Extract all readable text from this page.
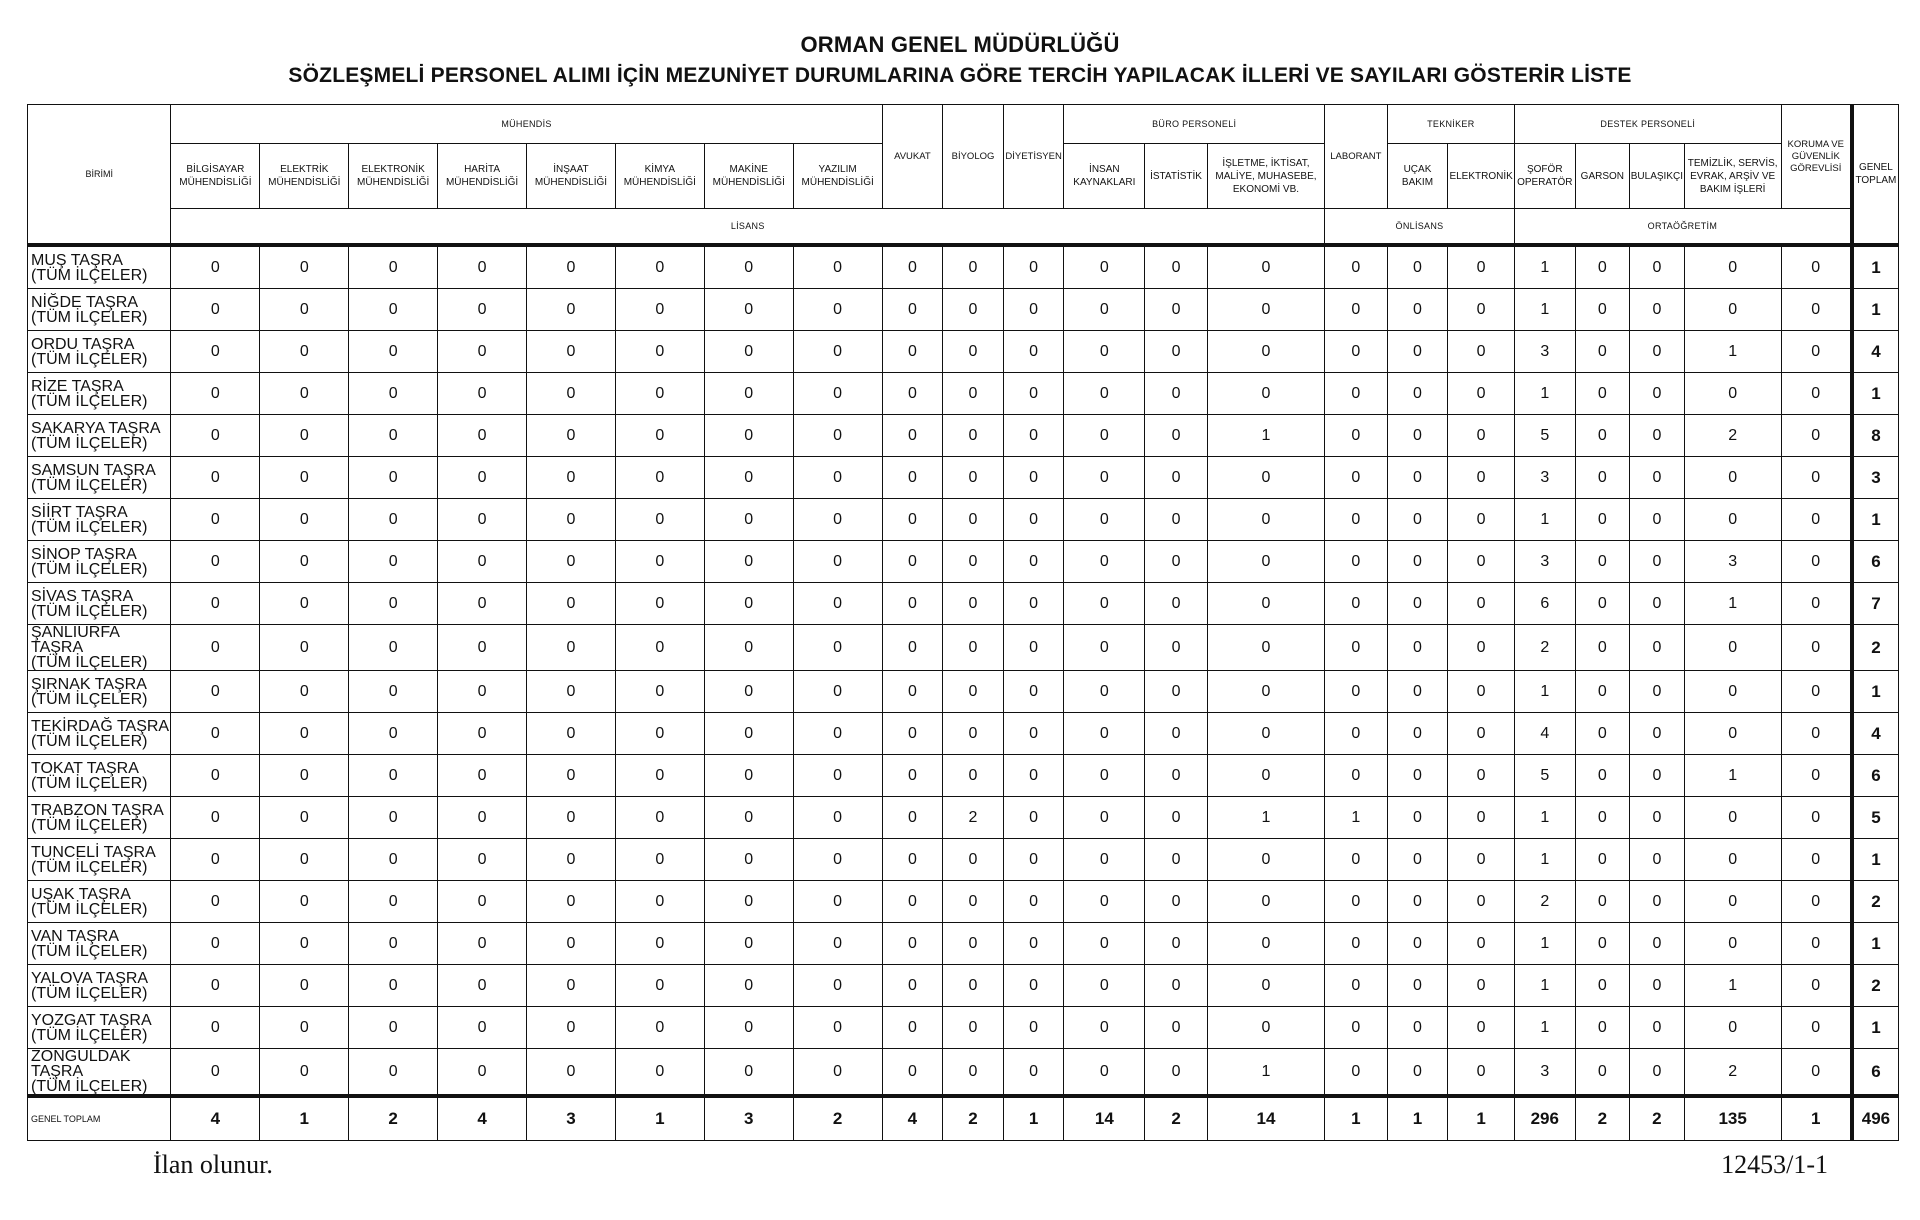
ORMAN GENEL MÜDÜRLÜĞÜ
SÖZLEŞMELİ PERSONEL ALIMI İÇİN MEZUNİYET DURUMLARINA GÖRE TERCİH YAPILACAK İLLERİ VE SAYILARI GÖSTERİR LİSTE
BİRİMİ	MÜHENDİS								AVUKAT	BİYOLOG	DİYETİSYEN	BÜRO PERSONELİ			LABORANT	TEKNİKER		DESTEK PERSONELİ				KORUMA VE GÜVENLİK GÖREVLİSİ	GENEL TOPLAM
	BİLGİSAYAR MÜHENDİSLİĞİ	ELEKTRİK MÜHENDİSLİĞİ	ELEKTRONİK MÜHENDİSLİĞİ	HARİTA MÜHENDİSLİĞİ	İNŞAAT MÜHENDİSLİĞİ	KİMYA MÜHENDİSLİĞİ	MAKİNE MÜHENDİSLİĞİ	YAZILIM MÜHENDİSLİĞİ				İNSAN KAYNAKLARI	İSTATİSTİK	İŞLETME, İKTİSAT, MALİYE, MUHASEBE, EKONOMİ VB.		UÇAK BAKIM	ELEKTRONİK	ŞOFÖR OPERATÖR	GARSON	BULAŞIKÇI	TEMİZLİK, SERVİS, EVRAK, ARŞİV VE BAKIM İŞLERİ		
	LİSANS														ÖNLİSANS			ORTAÖĞRETİM					

MUŞ TAŞRA
(TÜM İLÇELER)	0	0	0	0	0	0	0	0	0	0	0	0	0	0	0	0	0	1	0	0	0	0	1

NİĞDE TAŞRA
(TÜM İLÇELER)	0	0	0	0	0	0	0	0	0	0	0	0	0	0	0	0	0	1	0	0	0	0	1

ORDU TAŞRA
(TÜM İLÇELER)	0	0	0	0	0	0	0	0	0	0	0	0	0	0	0	0	0	3	0	0	1	0	4

RİZE TAŞRA
(TÜM İLÇELER)	0	0	0	0	0	0	0	0	0	0	0	0	0	0	0	0	0	1	0	0	0	0	1

SAKARYA TAŞRA
(TÜM İLÇELER)	0	0	0	0	0	0	0	0	0	0	0	0	0	1	0	0	0	5	0	0	2	0	8

SAMSUN TAŞRA
(TÜM İLÇELER)	0	0	0	0	0	0	0	0	0	0	0	0	0	0	0	0	0	3	0	0	0	0	3

SİİRT TAŞRA
(TÜM İLÇELER)	0	0	0	0	0	0	0	0	0	0	0	0	0	0	0	0	0	1	0	0	0	0	1

SİNOP TAŞRA
(TÜM İLÇELER)	0	0	0	0	0	0	0	0	0	0	0	0	0	0	0	0	0	3	0	0	3	0	6

SİVAS TAŞRA
(TÜM İLÇELER)	0	0	0	0	0	0	0	0	0	0	0	0	0	0	0	0	0	6	0	0	1	0	7

ŞANLIURFA TAŞRA
(TÜM İLÇELER)	0	0	0	0	0	0	0	0	0	0	0	0	0	0	0	0	0	2	0	0	0	0	2

ŞIRNAK TAŞRA
(TÜM İLÇELER)	0	0	0	0	0	0	0	0	0	0	0	0	0	0	0	0	0	1	0	0	0	0	1

TEKİRDAĞ TAŞRA
(TÜM İLÇELER)	0	0	0	0	0	0	0	0	0	0	0	0	0	0	0	0	0	4	0	0	0	0	4

TOKAT TAŞRA
(TÜM İLÇELER)	0	0	0	0	0	0	0	0	0	0	0	0	0	0	0	0	0	5	0	0	1	0	6

TRABZON TAŞRA
(TÜM İLÇELER)	0	0	0	0	0	0	0	0	0	2	0	0	0	1	1	0	0	1	0	0	0	0	5

TUNCELİ TAŞRA
(TÜM İLÇELER)	0	0	0	0	0	0	0	0	0	0	0	0	0	0	0	0	0	1	0	0	0	0	1

UŞAK TAŞRA
(TÜM İLÇELER)	0	0	0	0	0	0	0	0	0	0	0	0	0	0	0	0	0	2	0	0	0	0	2

VAN TAŞRA
(TÜM İLÇELER)	0	0	0	0	0	0	0	0	0	0	0	0	0	0	0	0	0	1	0	0	0	0	1

YALOVA TAŞRA
(TÜM İLÇELER)	0	0	0	0	0	0	0	0	0	0	0	0	0	0	0	0	0	1	0	0	1	0	2

YOZGAT TAŞRA
(TÜM İLÇELER)	0	0	0	0	0	0	0	0	0	0	0	0	0	0	0	0	0	1	0	0	0	0	1

ZONGULDAK TAŞRA
(TÜM İLÇELER)	0	0	0	0	0	0	0	0	0	0	0	0	0	1	0	0	0	3	0	0	2	0	6

GENEL TOPLAM	4	1	2	4	3	1	3	2	4	2	1	14	2	14	1	1	1	296	2	2	135	1	496
İlan olunur.	12453/1-1
